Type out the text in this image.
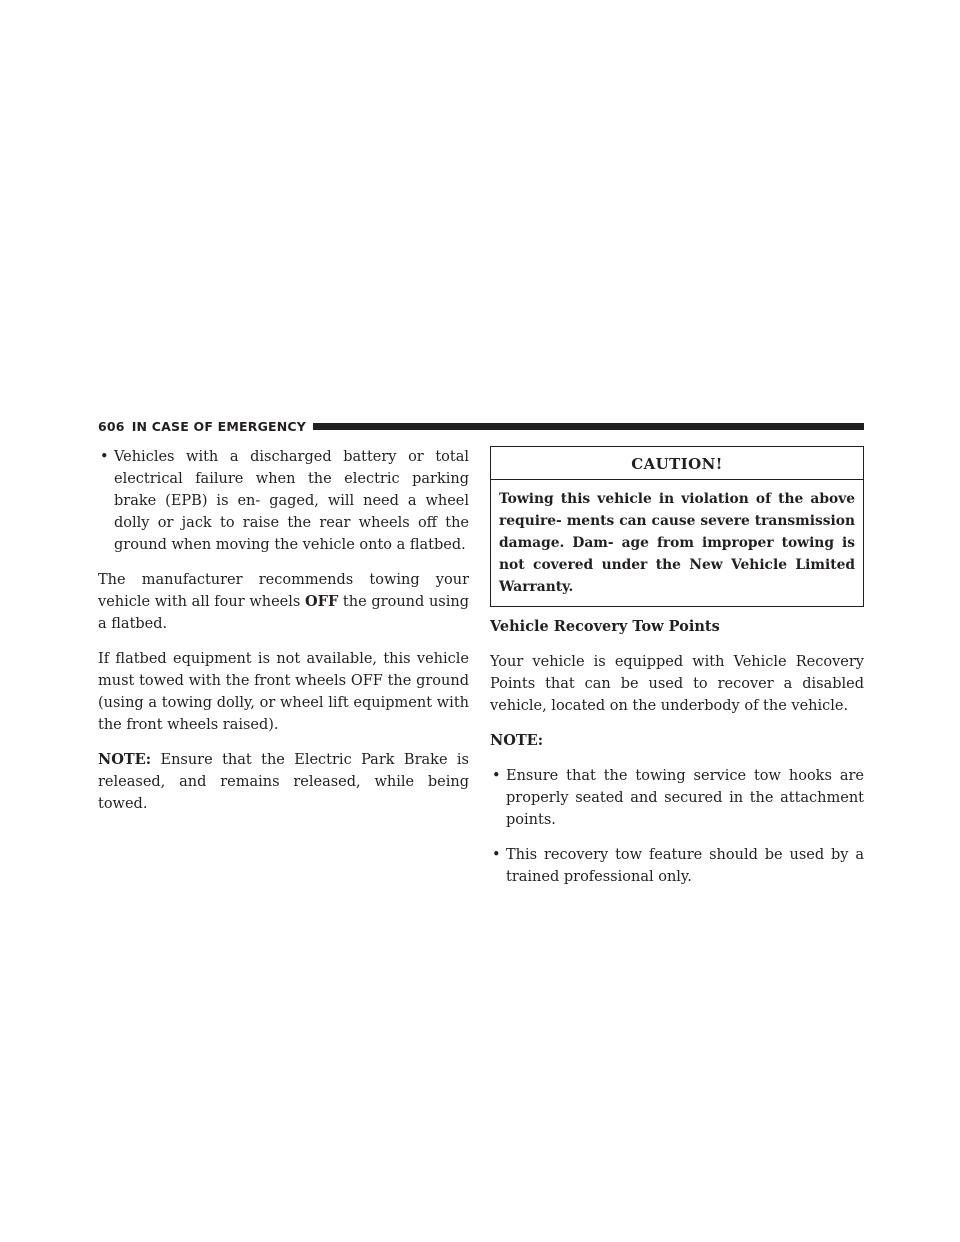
606 IN CASE OF EMERGENCY
• Vehicles with a discharged battery or total electrical failure when the electric parking brake (EPB) is en- gaged, will need a wheel dolly or jack to raise the rear wheels off the ground when moving the vehicle onto a flatbed.

The manufacturer recommends towing your vehicle with all four wheels OFF the ground using a flatbed.

If flatbed equipment is not available, this vehicle must towed with the front wheels OFF the ground (using a towing dolly, or wheel lift equipment with the front wheels raised).

NOTE: Ensure that the Electric Park Brake is released, and remains released, while being towed.

CAUTION!
Towing this vehicle in violation of the above require- ments can cause severe transmission damage. Dam- age from improper towing is not covered under the New Vehicle Limited Warranty.
Vehicle Recovery Tow Points

Your vehicle is equipped with Vehicle Recovery Points that can be used to recover a disabled vehicle, located on the underbody of the vehicle.

NOTE:
• Ensure that the towing service tow hooks are properly seated and secured in the attachment points.
• This recovery tow feature should be used by a trained professional only.
